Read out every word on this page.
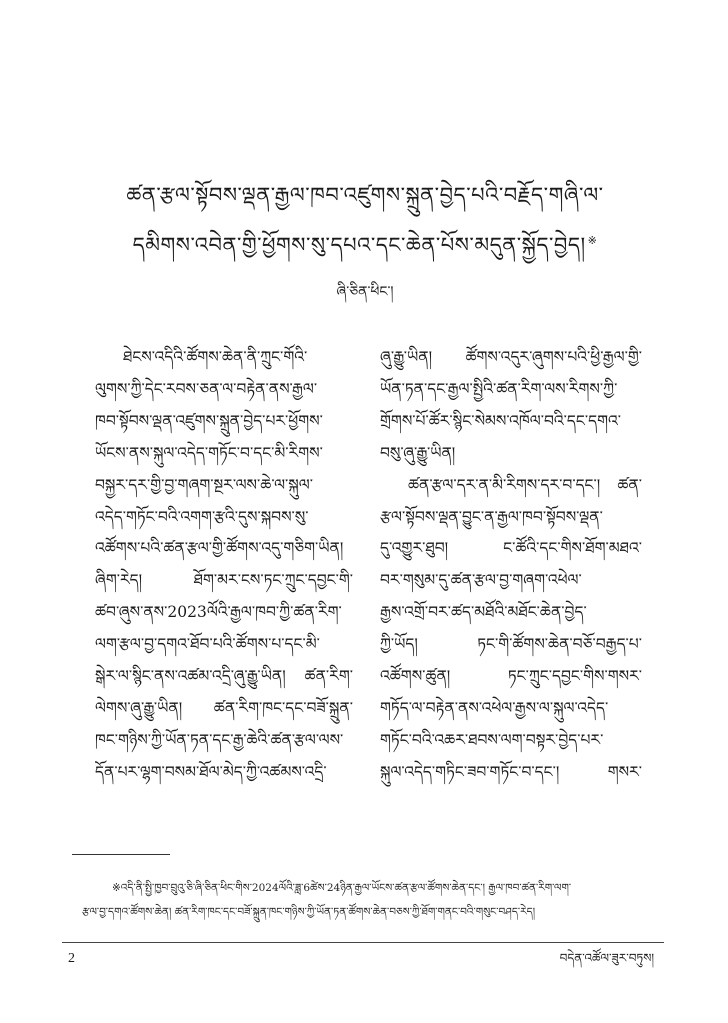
ཚན་རྩལ་སྟོབས་ལྡན་རྒྱལ་ཁབ་འཛུགས་སྐྲུན་བྱེད་པའི་བརྗོད་གཞི་ལ་
དམིགས་འབེན་གྱི་ཕྱོགས་སུ་དཔའ་དང་ཆེན་པོས་མདུན་སྐྱོད་བྱེད། ※
ཞི་ཅིན་ཕིང་།
ཐེངས་འདིའི་ཚོགས་ཆེན་ནི་ཀྲུང་གོའི་
ལུགས་ཀྱི་དེང་རབས་ཅན་ལ་བརྟེན་ནས་རྒྱལ་
ཁབ་སྟོབས་ལྡན་འཛུགས་སྐྲུན་བྱེད་པར་ཕྱོགས་
ཡོངས་ནས་སྐུལ་འདེད་གཏོང་བ་དང་མི་རིགས་
བསྐྱར་དར་གྱི་བྱ་གཞག་སྔར་ལས་ཆེ་ལ་སྐུལ་
འདེད་གཏོང་བའི་འགག་རྩའི་དུས་སྐབས་སུ་
འཚོགས་པའི་ཚན་རྩལ་གྱི་ཚོགས་འདུ་གཅིག་ཡིན།
ཞིག་རེད། ཐོག་མར་ངས་ཏང་ཀྲུང་དབྱང་གི་
ཚབ་ཞུས་ནས་2023ལོའི་རྒྱལ་ཁབ་ཀྱི་ཚན་རིག་
ལག་རྩལ་བྱ་དགའ་ཐོབ་པའི་ཚོགས་པ་དང་མི་
སྒེར་ལ་སྙིང་ནས་འཚམ་འདྲི་ཞུ་རྒྱུ་ཡིན། ཚན་རིག་
ལེགས་ཞུ་རྒྱུ་ཡིན། ཚན་རིག་ཁང་དང་བཟོ་སྐྲུན་
ཁང་གཉིས་ཀྱི་ཡོན་ཏན་དང་རྒྱ་ཆེའི་ཚན་རྩལ་ལས་
དོན་པར་ལྷག་བསམ་ཐོལ་མེད་ཀྱི་འཚམས་འདྲི་
ཞུ་རྒྱུ་ཡིན། ཚོགས་འདུར་ཞུགས་པའི་ཕྱི་རྒྱལ་གྱི་
ཡོན་ཏན་དང་རྒྱལ་སྤྱིའི་ཚན་རིག་ལས་རིགས་ཀྱི་
གྲོགས་པོ་ཚོར་སྙིང་སེམས་འཁོལ་བའི་དང་དགའ་
བསུ་ཞུ་རྒྱུ་ཡིན།
ཚན་རྩལ་དར་ན་མི་རིགས་དར་བ་དང་། ཚན་
རྩལ་སྟོབས་ལྡན་བྱུང་ན་རྒྱལ་ཁབ་སྟོབས་ལྡན་
དུ་འགྱུར་ཐུབ། ང་ཚོའི་དང་གིས་ཐོག་མཐའ་
བར་གསུམ་དུ་ཚན་རྩལ་བྱ་གཞག་འཕེལ་
རྒྱས་འགྲོ་བར་ཚད་མཐོའི་མཐོང་ཆེན་བྱེད་
ཀྱི་ཡོད། ཏང་གི་ཚོགས་ཆེན་བཅོ་བརྒྱད་པ་
འཚོགས་ཚུན། ཏང་ཀྲུང་དབྱང་གིས་གསར་
གཏོད་ལ་བརྟེན་ནས་འཕེལ་རྒྱས་ལ་སྐུལ་འདེད་
གཏོང་བའི་འཆར་ཐབས་ལག་བསྟར་བྱེད་པར་
སྐུལ་འདེད་གཏིང་ཟབ་གཏོང་བ་དང་། གསར་
※འདི་ནི་སྤྱི་ཁྱབ་བྲུའུ་ཅི་ཞི་ཅིན་ཕིང་གིས་2024ལོའི་ཟླ་6ཚེས་24ཉིན་རྒྱལ་ཡོངས་ཚན་རྩལ་ཚོགས་ཆེན་དང་། རྒྱལ་ཁབ་ཚན་རིག་ལག་
རྩལ་བྱ་དགའ་ཚོགས་ཆེན། ཚན་རིག་ཁང་དང་བཟོ་སྐྲུན་ཁང་གཉིས་ཀྱི་ཡོན་ཏན་ཚོགས་ཆེན་བཅས་ཀྱི་ཐོག་གནང་བའི་གསུང་བཤད་རེད།
2	བདེན་འཚོལ་ཟུར་བཏུས།
